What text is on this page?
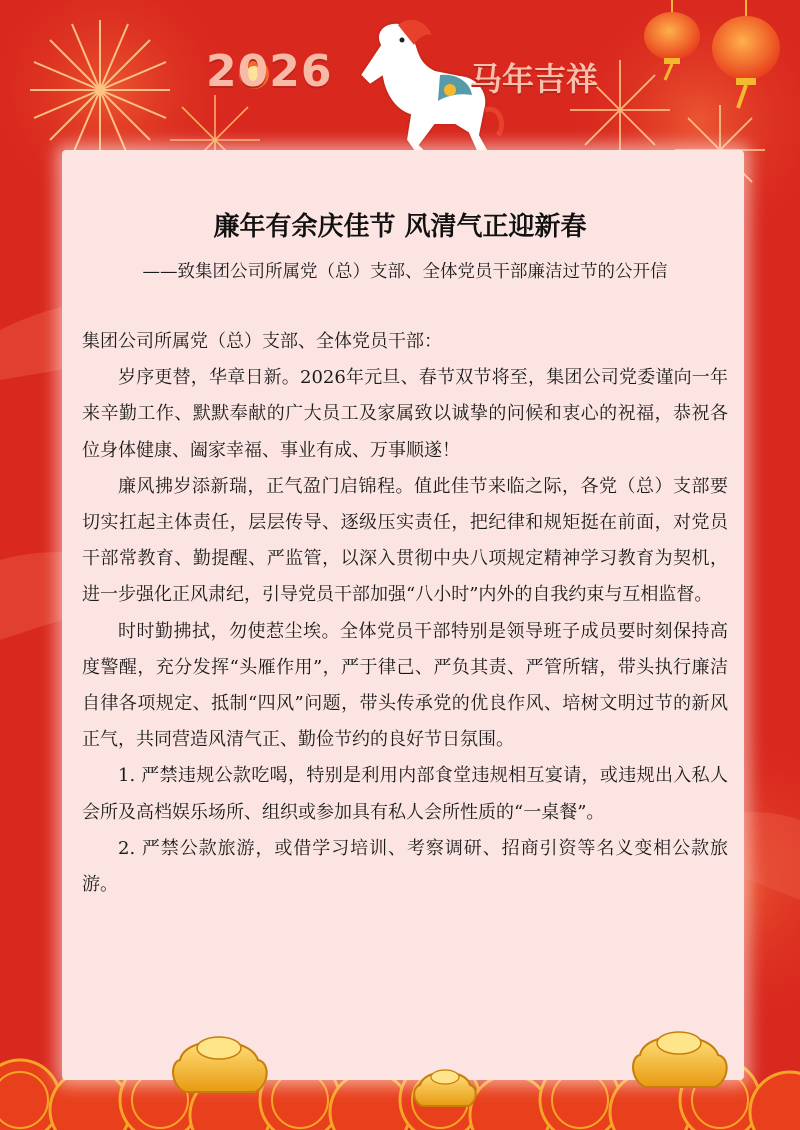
2026	马年吉祥
廉年有余庆佳节 风清气正迎新春
——致集团公司所属党（总）支部、全体党员干部廉洁过节的公开信

集团公司所属党（总）支部、全体党员干部：

岁序更替，华章日新。2026年元旦、春节双节将至，集团公司党委谨向一年来辛勤工作、默默奉献的广大员工及家属致以诚挚的问候和衷心的祝福，恭祝各位身体健康、阖家幸福、事业有成、万事顺遂！

廉风拂岁添新瑞，正气盈门启锦程。值此佳节来临之际，各党（总）支部要切实扛起主体责任，层层传导、逐级压实责任，把纪律和规矩挺在前面，对党员干部常教育、勤提醒、严监管，以深入贯彻中央八项规定精神学习教育为契机，进一步强化正风肃纪，引导党员干部加强“八小时”内外的自我约束与互相监督。

时时勤拂拭，勿使惹尘埃。全体党员干部特别是领导班子成员要时刻保持高度警醒，充分发挥“头雁作用”，严于律己、严负其责、严管所辖，带头执行廉洁自律各项规定、抵制“四风”问题，带头传承党的优良作风、培树文明过节的新风正气，共同营造风清气正、勤俭节约的良好节日氛围。

1. 严禁违规公款吃喝，特别是利用内部食堂违规相互宴请，或违规出入私人会所及高档娱乐场所、组织或参加具有私人会所性质的“一桌餐”。

2. 严禁公款旅游，或借学习培训、考察调研、招商引资等名义变相公款旅游。
